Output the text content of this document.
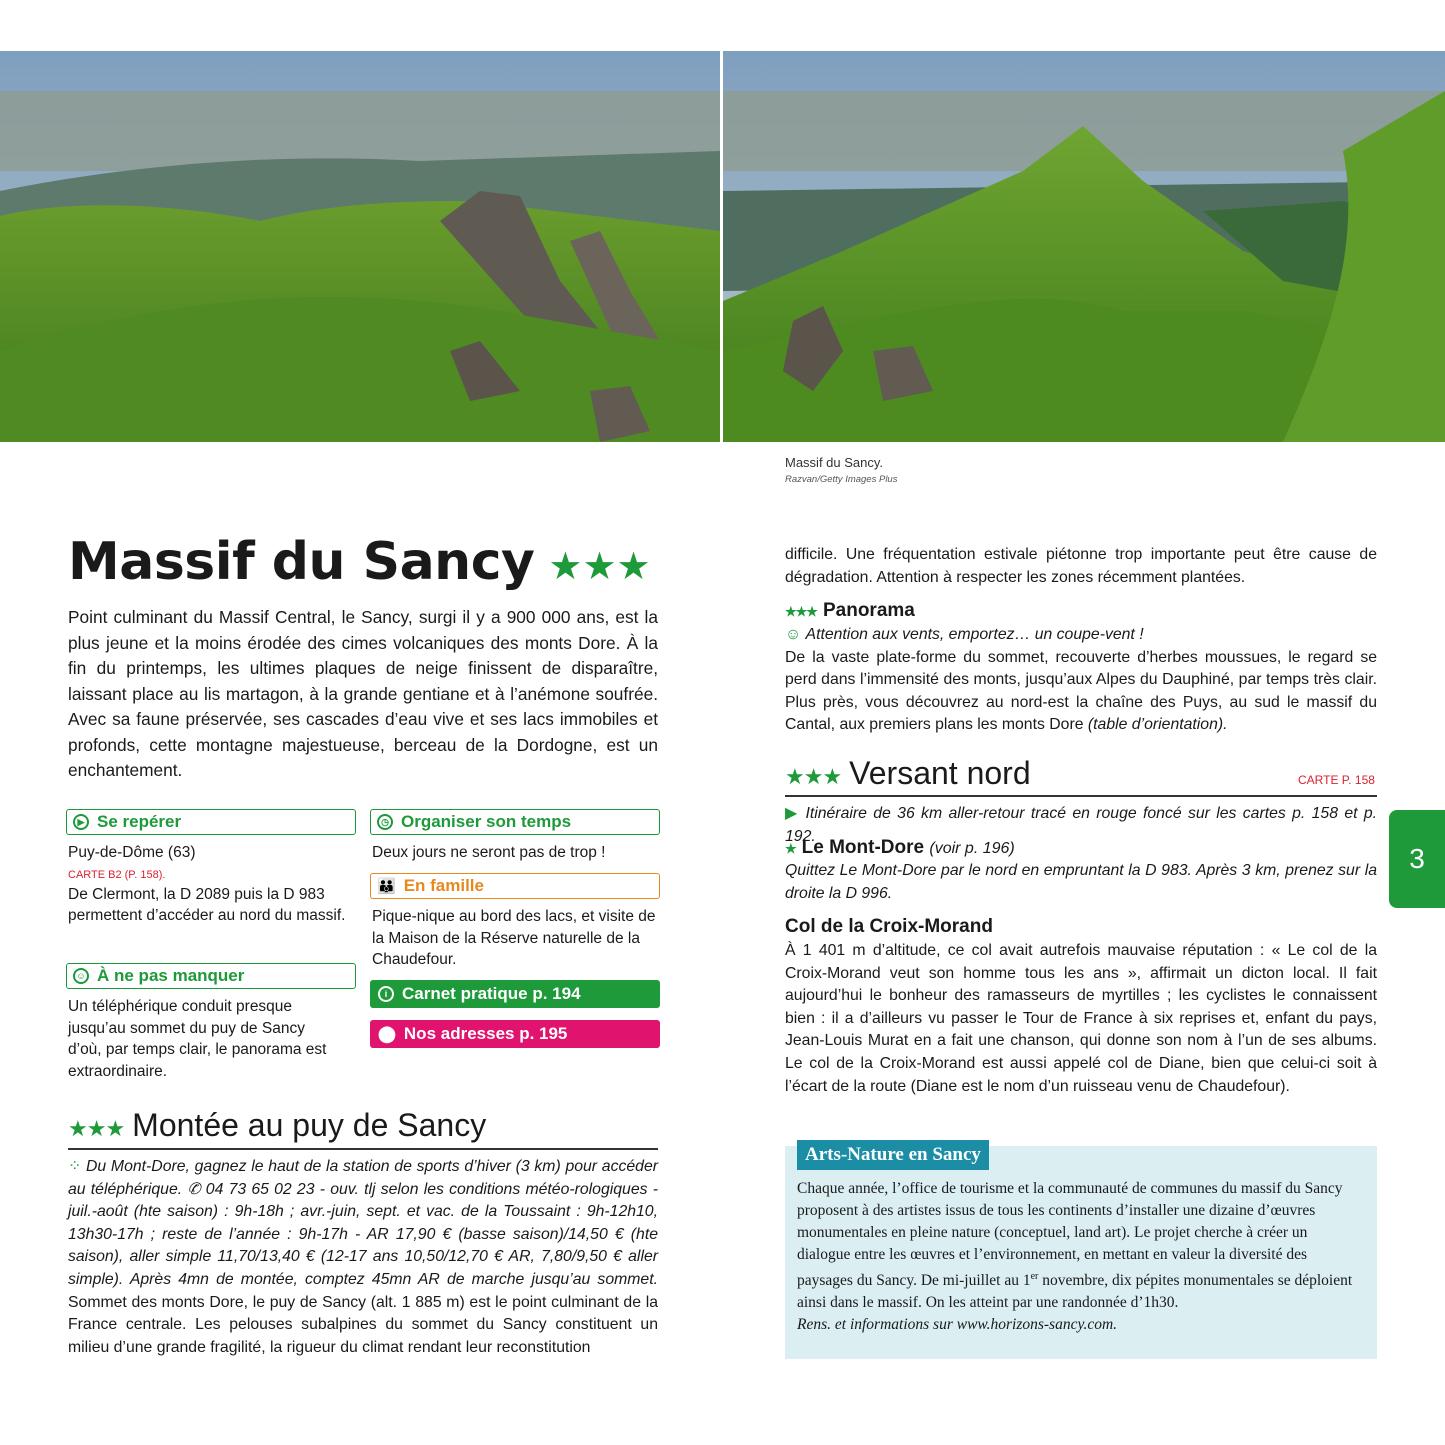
Massif du Sancy.
Razvan/Getty Images Plus
Massif du Sancy ★★★
Point culminant du Massif Central, le Sancy, surgi il y a 900 000 ans, est la plus jeune et la moins érodée des cimes volcaniques des monts Dore. À la fin du printemps, les ultimes plaques de neige finissent de disparaître, laissant place au lis martagon, à la grande gentiane et à l’anémone soufrée. Avec sa faune préservée, ses cascades d’eau vive et ses lacs immobiles et profonds, cette montagne majestueuse, berceau de la Dordogne, est un enchantement.
▶ Se repérer
Puy-de-Dôme (63)
CARTE B2 (P. 158).
De Clermont, la D 2089 puis la D 983 permettent d’accéder au nord du massif.
☺ À ne pas manquer
Un téléphérique conduit presque jusqu’au sommet du puy de Sancy d’où, par temps clair, le panorama est extraordinaire.
◷ Organiser son temps
Deux jours ne seront pas de trop !
👪 En famille
Pique-nique au bord des lacs, et visite de la Maison de la Réserve naturelle de la Chaudefour.
i Carnet pratique p. 194
⬤ Nos adresses p. 195
★★★ Montée au puy de Sancy
⁘ Du Mont-Dore, gagnez le haut de la station de sports d’hiver (3 km) pour accéder au téléphérique. ✆ 04 73 65 02 23 - ouv. tlj selon les conditions météo-rologiques - juil.-août (hte saison) : 9h-18h ; avr.-juin, sept. et vac. de la Toussaint : 9h-12h10, 13h30-17h ; reste de l’année : 9h-17h - AR 17,90 € (basse saison)/14,50 € (hte saison), aller simple 11,70/13,40 € (12-17 ans 10,50/12,70 € AR, 7,80/9,50 € aller simple). Après 4mn de montée, comptez 45mn AR de marche jusqu’au sommet. Sommet des monts Dore, le puy de Sancy (alt. 1 885 m) est le point culminant de la France centrale. Les pelouses subalpines du sommet du Sancy constituent un milieu d’une grande fragilité, la rigueur du climat rendant leur reconstitution
difficile. Une fréquentation estivale piétonne trop importante peut être cause de dégradation. Attention à respecter les zones récemment plantées.
★★★ Panorama
☺ Attention aux vents, emportez… un coupe-vent !
De la vaste plate-forme du sommet, recouverte d’herbes moussues, le regard se perd dans l’immensité des monts, jusqu’aux Alpes du Dauphiné, par temps très clair. Plus près, vous découvrez au nord-est la chaîne des Puys, au sud le massif du Cantal, aux premiers plans les monts Dore (table d’orientation).
★★★ Versant nord	CARTE P. 158
▶ Itinéraire de 36 km aller-retour tracé en rouge foncé sur les cartes p. 158 et p. 192.
★ Le Mont-Dore (voir p. 196)
Quittez Le Mont-Dore par le nord en empruntant la D 983. Après 3 km, prenez sur la droite la D 996.
Col de la Croix-Morand
À 1 401 m d’altitude, ce col avait autrefois mauvaise réputation : « Le col de la Croix-Morand veut son homme tous les ans », affirmait un dicton local. Il fait aujourd’hui le bonheur des ramasseurs de myrtilles ; les cyclistes le connaissent bien : il a d’ailleurs vu passer le Tour de France à six reprises et, enfant du pays, Jean-Louis Murat en a fait une chanson, qui donne son nom à l’un de ses albums. Le col de la Croix-Morand est aussi appelé col de Diane, bien que celui-ci soit à l’écart de la route (Diane est le nom d’un ruisseau venu de Chaudefour).
Arts-Nature en Sancy
Chaque année, l’office de tourisme et la communauté de communes du massif du Sancy proposent à des artistes issus de tous les continents d’installer une dizaine d’œuvres monumentales en pleine nature (conceptuel, land art). Le projet cherche à créer un dialogue entre les œuvres et l’environnement, en mettant en valeur la diversité des paysages du Sancy. De mi-juillet au 1er novembre, dix pépites monumentales se déploient ainsi dans le massif. On les atteint par une randonnée d’1h30.
Rens. et informations sur www.horizons-sancy.com.
3
